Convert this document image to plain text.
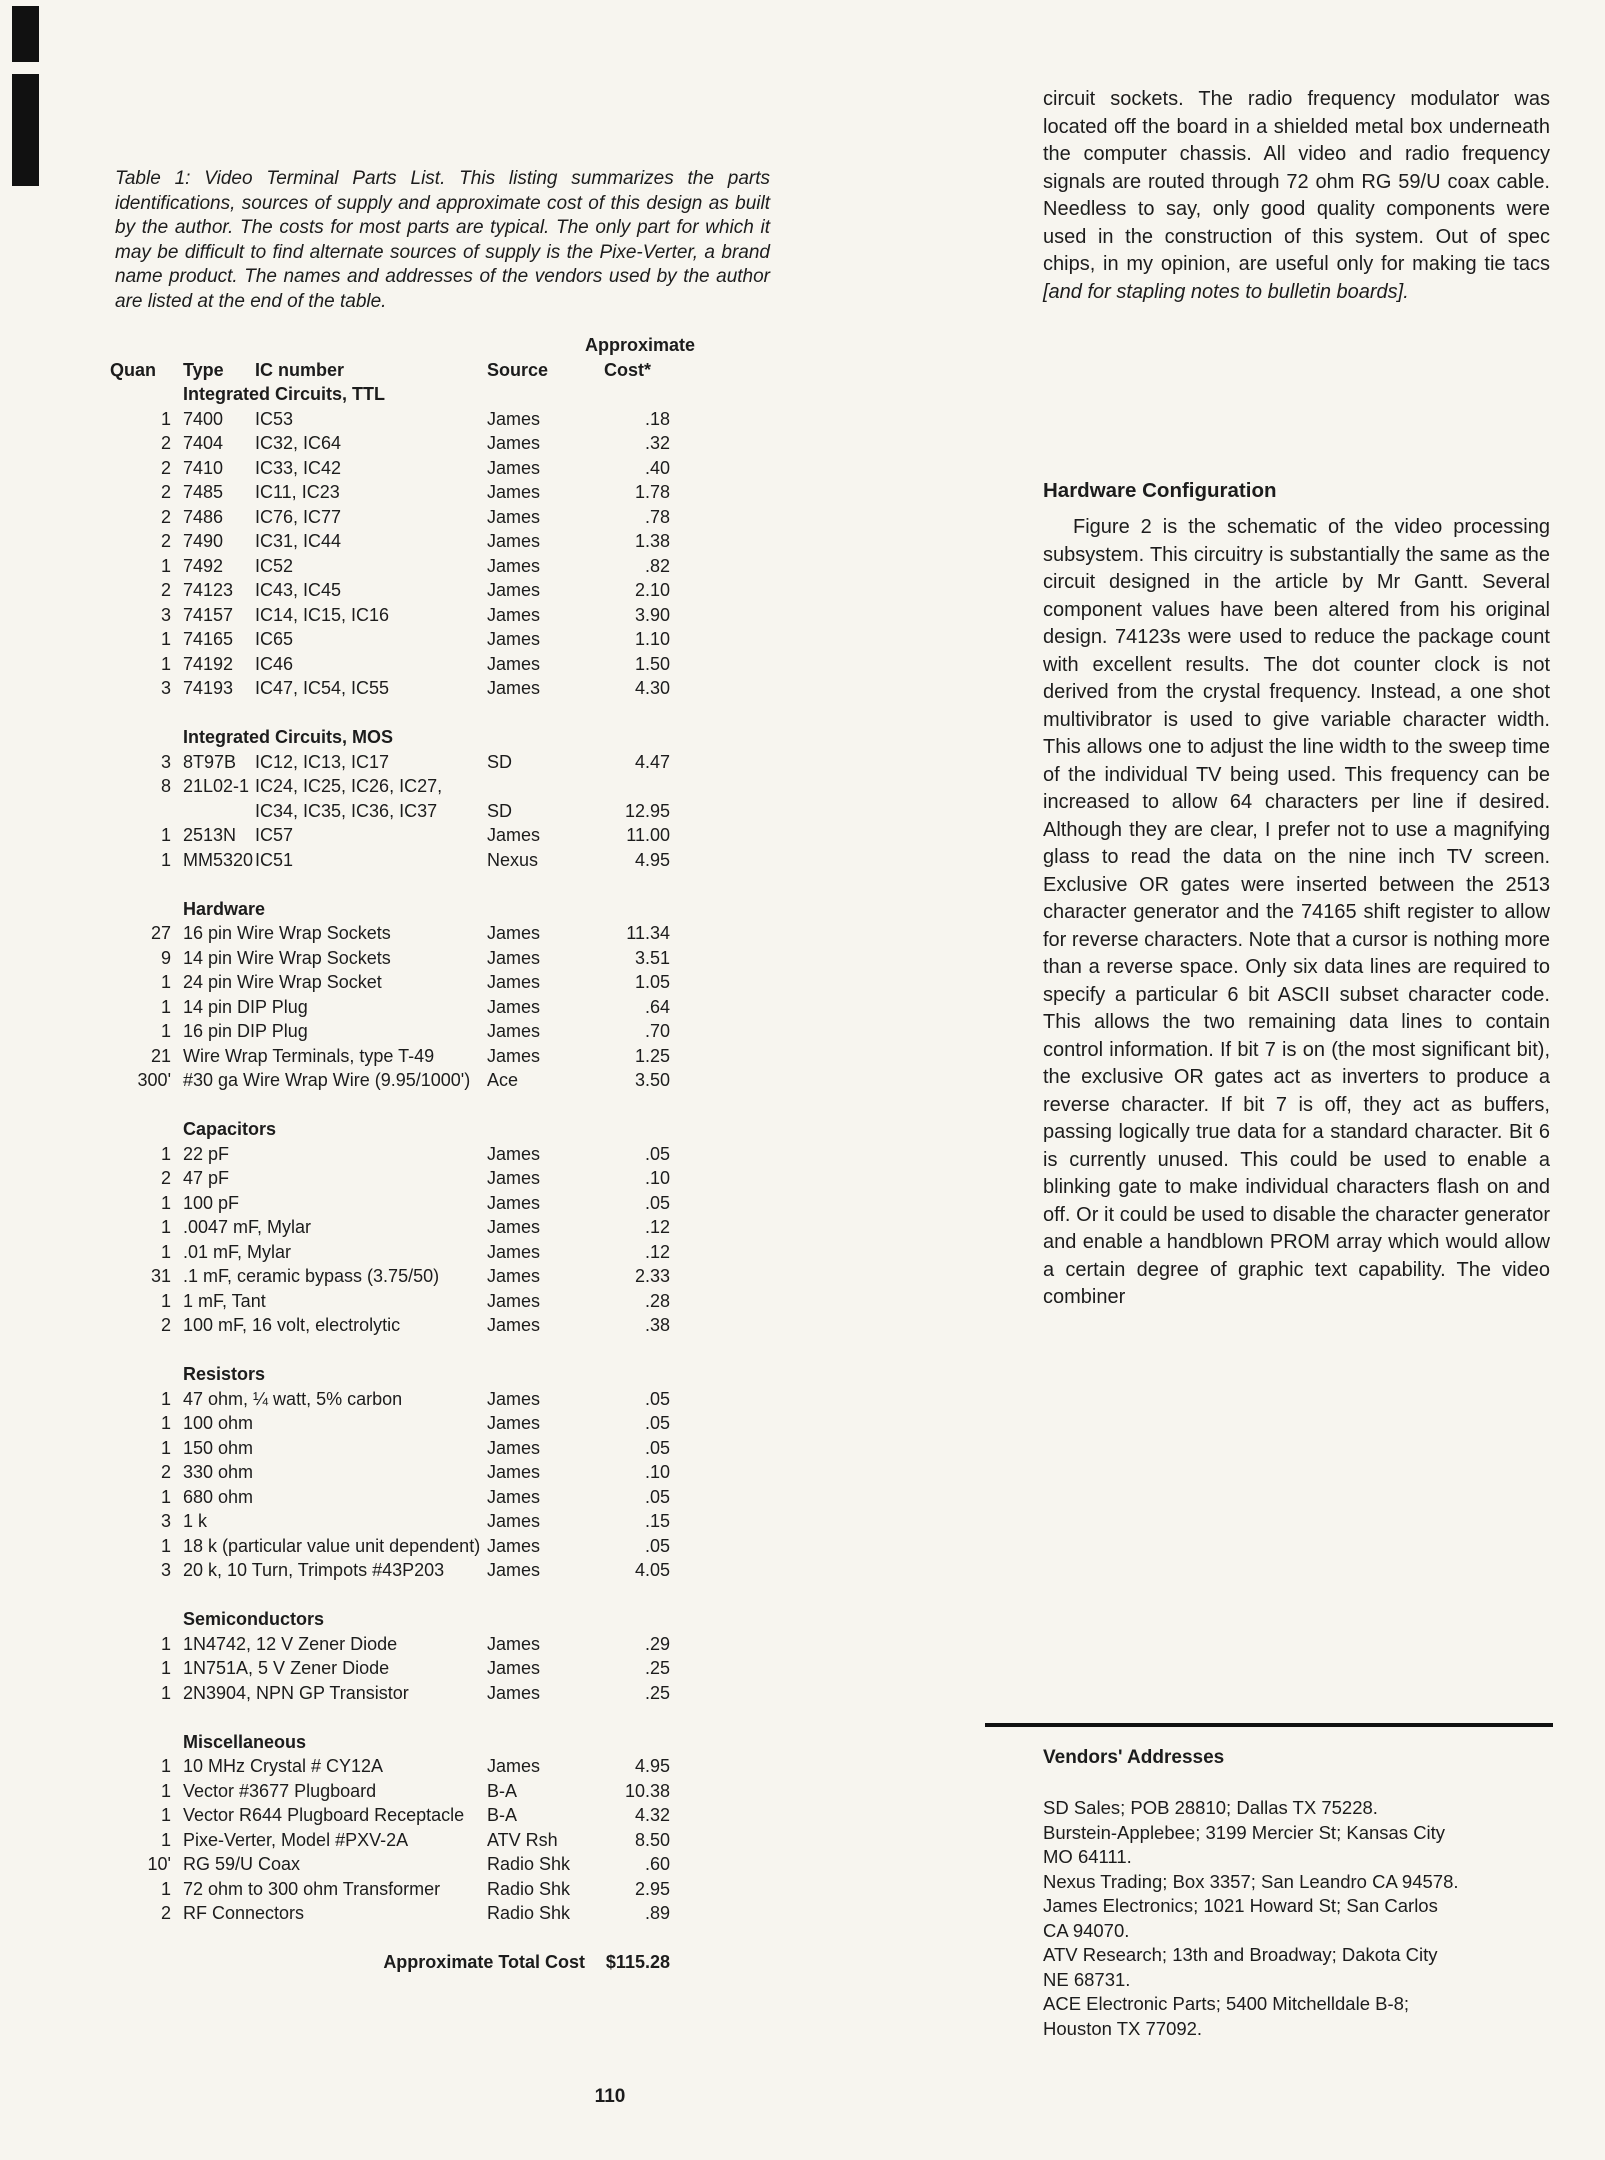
Table 1: Video Terminal Parts List. This listing summarizes the parts identifications, sources of supply and approximate cost of this design as built by the author. The costs for most parts are typical. The only part for which it may be difficult to find alternate sources of supply is the Pixe-Verter, a brand name product. The names and addresses of the vendors used by the author are listed at the end of the table.
Quan	Type	IC number	Source
Approximate
Cost*
Integrated Circuits, TTL
1 7400	IC53	James	.18
2 7404	IC32, IC64	James	.32
2 7410	IC33, IC42	James	.40
2 7485	IC11, IC23	James	1.78
2 7486	IC76, IC77	James	.78
2 7490	IC31, IC44	James	1.38
1 7492	IC52	James	.82
2 74123	IC43, IC45	James	2.10
3 74157	IC14, IC15, IC16	James	3.90
1 74165	IC65	James	1.10
1 74192	IC46	James	1.50
3 74193	IC47, IC54, IC55	James	4.30
Integrated Circuits, MOS
3 8T97B	IC12, IC13, IC17	SD	4.47
8 21L02-1 IC24, IC25, IC26, IC27,
IC34, IC35, IC36, IC37	SD	12.95
1 2513N	IC57	James	11.00
1 MM5320 IC51	Nexus	4.95
Hardware
27 16 pin Wire Wrap Sockets	James	11.34
9 14 pin Wire Wrap Sockets	James	3.51
1 24 pin Wire Wrap Socket	James	1.05
1 14 pin DIP Plug	James	.64
1 16 pin DIP Plug	James	.70
21 Wire Wrap Terminals, type T-49	James	1.25
300' #30 ga Wire Wrap Wire (9.95/1000') Ace	3.50
Capacitors
1 22 pF	James	.05
2 47 pF	James	.10
1 100 pF	James	.05
1 .0047 mF, Mylar	James	.12
1 .01 mF, Mylar	James	.12
31 .1 mF, ceramic bypass (3.75/50)	James	2.33
1 1 mF, Tant	James	.28
2 100 mF, 16 volt, electrolytic	James	.38
Resistors
1 47 ohm, ¼ watt, 5% carbon	James	.05
1 100 ohm	James	.05
1 150 ohm	James	.05
2 330 ohm	James	.10
1 680 ohm	James	.05
3 1 k	James	.15
1 18 k (particular value unit dependent) James	.05
3 20 k, 10 Turn, Trimpots #43P203 James	4.05
Semiconductors
1 1N4742, 12 V Zener Diode	James	.29
1 1N751A, 5 V Zener Diode	James	.25
1 2N3904, NPN GP Transistor	James	.25
Miscellaneous
1 10 MHz Crystal # CY12A	James	4.95
1 Vector #3677 Plugboard	B-A	10.38
1 Vector R644 Plugboard Receptacle B-A	4.32
1 Pixe-Verter, Model #PXV-2A	ATV Rsh	8.50
10' RG 59/U Coax	Radio Shk	.60
1 72 ohm to 300 ohm Transformer	Radio Shk	2.95
2 RF Connectors	Radio Shk	.89
Approximate Total Cost	$115.28

circuit sockets. The radio frequency modulator was located off the board in a shielded metal box underneath the computer chassis. All video and radio frequency signals are routed through 72 ohm RG 59/U coax cable. Needless to say, only good quality components were used in the construction of this system. Out of spec chips, in my opinion, are useful only for making tie tacs [and for stapling notes to bulletin boards].

Hardware Configuration

Figure 2 is the schematic of the video processing subsystem. This circuitry is substantially the same as the circuit designed in the article by Mr Gantt. Several component values have been altered from his original design. 74123s were used to reduce the package count with excellent results. The dot counter clock is not derived from the crystal frequency. Instead, a one shot multivibrator is used to give variable character width. This allows one to adjust the line width to the sweep time of the individual TV being used. This frequency can be increased to allow 64 characters per line if desired. Although they are clear, I prefer not to use a magnifying glass to read the data on the nine inch TV screen. Exclusive OR gates were inserted between the 2513 character generator and the 74165 shift register to allow for reverse characters. Note that a cursor is nothing more than a reverse space. Only six data lines are required to specify a particular 6 bit ASCII subset character code. This allows the two remaining data lines to contain control information. If bit 7 is on (the most significant bit), the exclusive OR gates act as inverters to produce a reverse character. If bit 7 is off, they act as buffers, passing logically true data for a standard character. Bit 6 is currently unused. This could be used to enable a blinking gate to make individual characters flash on and off. Or it could be used to disable the character generator and enable a handblown PROM array which would allow a certain degree of graphic text capability. The video combiner

Vendors' Addresses
SD Sales; POB 28810; Dallas TX 75228.
Burstein-Applebee; 3199 Mercier St; Kansas City
MO 64111.
Nexus Trading; Box 3357; San Leandro CA 94578.
James Electronics; 1021 Howard St; San Carlos
CA 94070.
ATV Research; 13th and Broadway; Dakota City
NE 68731.
ACE Electronic Parts; 5400 Mitchelldale B-8;
Houston TX 77092.
110
